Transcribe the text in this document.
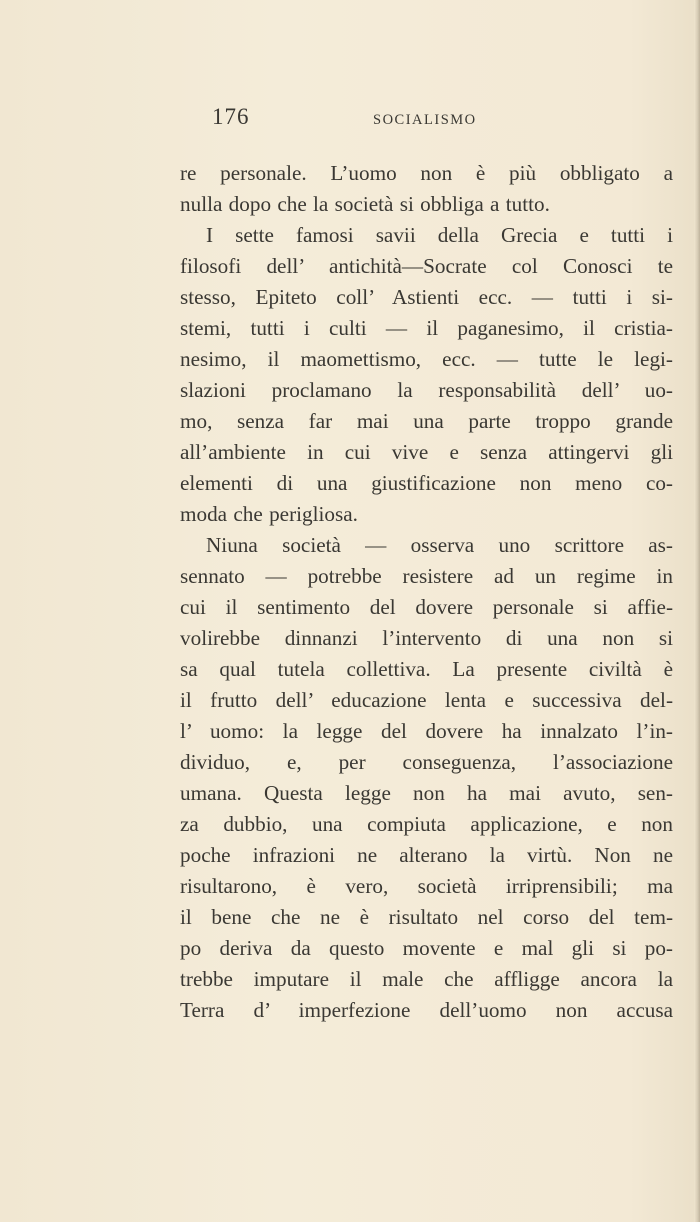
176	SOCIALISMO
re personale. L’uomo non è più obbligato a
nulla dopo che la società si obbliga a tutto.
I sette famosi savii della Grecia e tutti i
filosofi dell’ antichità—Socrate col Conosci te
stesso, Epiteto coll’ Astienti ecc. — tutti i si-
stemi, tutti i culti — il paganesimo, il cristia-
nesimo, il maomettismo, ecc. — tutte le legi-
slazioni proclamano la responsabilità dell’ uo-
mo, senza far mai una parte troppo grande
all’ambiente in cui vive e senza attingervi gli
elementi di una giustificazione non meno co-
moda che perigliosa.
Niuna società — osserva uno scrittore as-
sennato — potrebbe resistere ad un regime in
cui il sentimento del dovere personale si affie-
volirebbe dinnanzi l’intervento di una non si
sa qual tutela collettiva. La presente civiltà è
il frutto dell’ educazione lenta e successiva del-
l’ uomo: la legge del dovere ha innalzato l’in-
dividuo, e, per conseguenza, l’associazione
umana. Questa legge non ha mai avuto, sen-
za dubbio, una compiuta applicazione, e non
poche infrazioni ne alterano la virtù. Non ne
risultarono, è vero, società irriprensibili; ma
il bene che ne è risultato nel corso del tem-
po deriva da questo movente e mal gli si po-
trebbe imputare il male che affligge ancora la
Terra d’ imperfezione dell’uomo non accusa
